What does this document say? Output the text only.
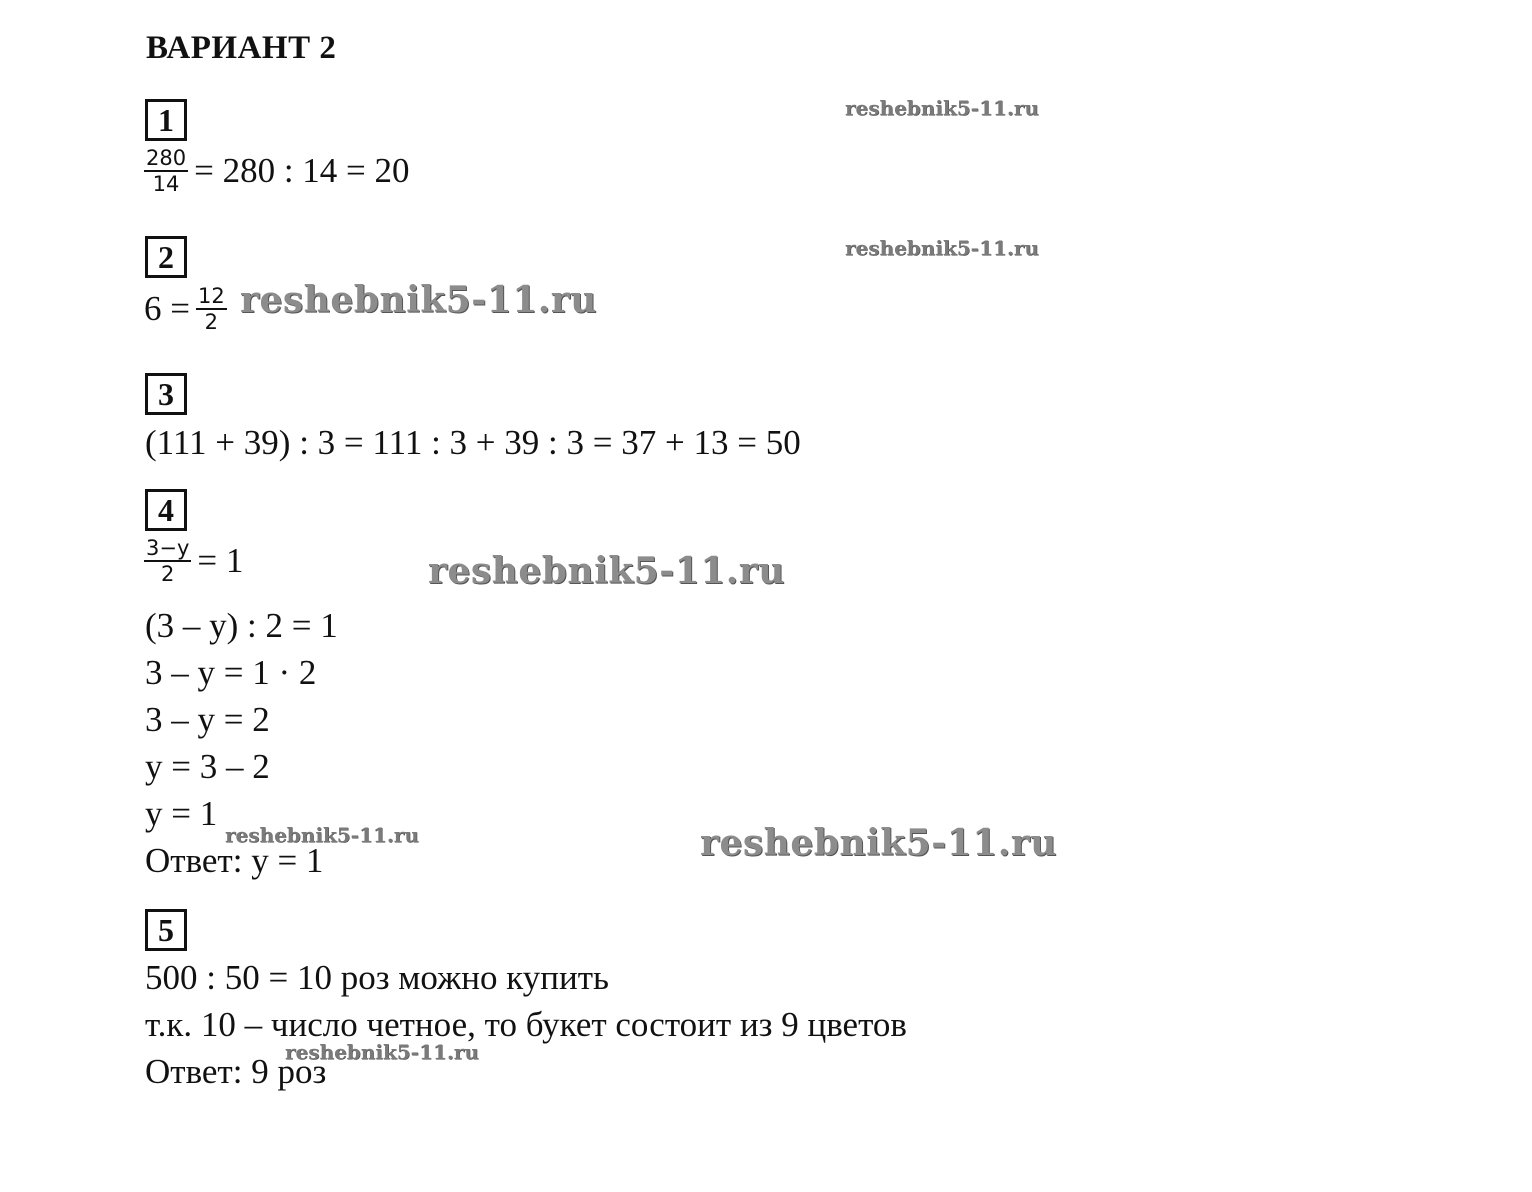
ВАРИАНТ 2
1
$\frac{280}{14} = 280$ : 14 = 20
2
$6 = \frac{12}{2}$
3
(111 + 39) : 3 = 111 : 3 + 39 : 3 = 37 + 13 = 50
4
$\frac{3-y}{2} = 1$
(3 – y) : 2 = 1
3 – y = 1 · 2
3 – y = 2
y = 3 – 2
y = 1
Ответ: y = 1
5
500 : 50 = 10 роз можно купить
т.к. 10 – число четное, то букет состоит из 9 цветов
Ответ: 9 роз
reshebnik5-11.ru
reshebnik5-11.ru
reshebnik5-11.ru
reshebnik5-11.ru
reshebnik5-11.ru	reshebnik5-11.ru
reshebnik5-11.ru
